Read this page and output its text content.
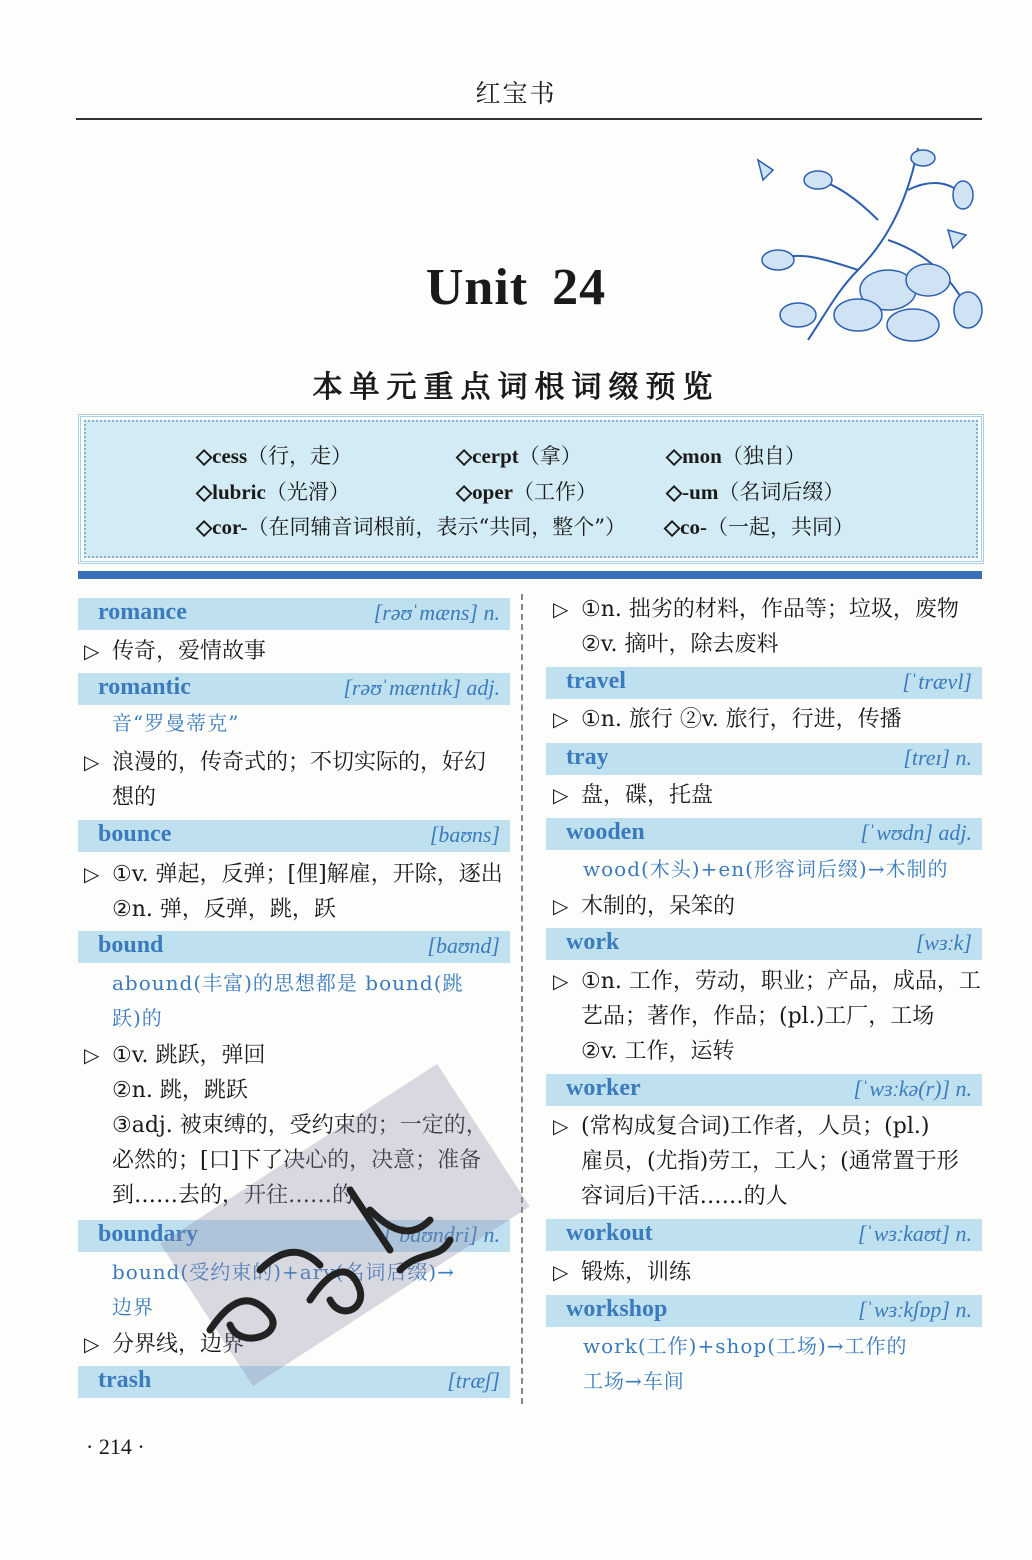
红宝书
Unit 24
本单元重点词根词缀预览
◇cess（行，走）	◇cerpt（拿）	◇mon（独自）
◇lubric（光滑）	◇oper（工作）	◇-um（名词后缀）
◇cor-（在同辅音词根前，表示“共同，整个”） ◇co-（一起，共同）
romance	[rəʊˈmæns] n.
▷ 传奇，爱情故事
romantic	[rəʊˈmæntɪk] adj.
音“罗曼蒂克”
▷ 浪漫的，传奇式的；不切实际的，好幻
想的
bounce	[baʊns]
▷ ①v. 弹起，反弹；[俚]解雇，开除，逐出
②n. 弹，反弹，跳，跃
bound	[baʊnd]
abound(丰富)的思想都是 bound(跳
跃)的
▷ ①v. 跳跃，弹回
②n. 跳，跳跃
③adj. 被束缚的，受约束的；一定的，
必然的；[口]下了决心的，决意；准备
到……去的，开往……的
boundary	[ˈbaʊndri] n.
bound(受约束的)+ary(名词后缀)→
边界
▷ 分界线，边界
trash	[træʃ]
▷ ①n. 拙劣的材料，作品等；垃圾，废物
②v. 摘叶，除去废料
travel	[ˈtrævl]
▷ ①n. 旅行 ②v. 旅行，行进，传播
tray	[treɪ] n.
▷ 盘，碟，托盘
wooden	[ˈwʊdn] adj.
wood(木头)+en(形容词后缀)→木制的
▷ 木制的，呆笨的
work	[wɜːk]
▷ ①n. 工作，劳动，职业；产品，成品，工
艺品；著作，作品；(pl.)工厂，工场
②v. 工作，运转
worker	[ˈwɜːkə(r)] n.
▷ (常构成复合词)工作者，人员；(pl.)
雇员，(尤指)劳工，工人；(通常置于形
容词后)干活……的人
workout	[ˈwɜːkaʊt] n.
▷ 锻炼，训练
workshop	[ˈwɜːkʃɒp] n.
work(工作)+shop(工场)→工作的
工场→车间
· 214 ·
